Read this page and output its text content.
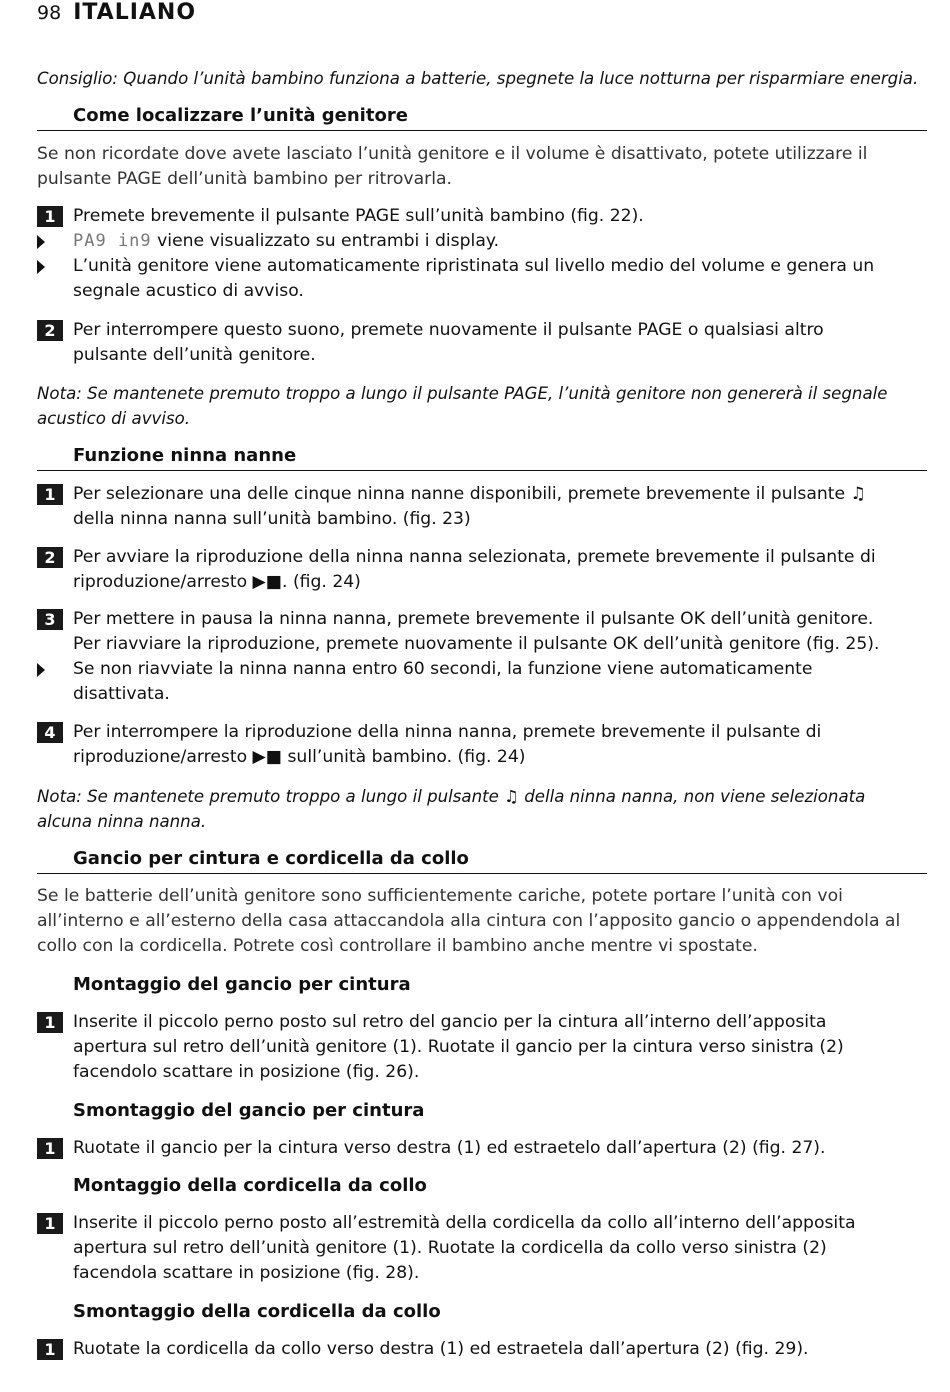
98 ITALIANO
Consiglio: Quando l’unità bambino funziona a batterie, spegnete la luce notturna per risparmiare energia.
Come localizzare l’unità genitore
Se non ricordate dove avete lasciato l’unità genitore e il volume è disattivato, potete utilizzare il
pulsante PAGE dell’unità bambino per ritrovarla.
1	Premete brevemente il pulsante PAGE sull’unità bambino (fig. 22).
PA9 in9 viene visualizzato su entrambi i display.
L’unità genitore viene automaticamente ripristinata sul livello medio del volume e genera un
segnale acustico di avviso.
2	Per interrompere questo suono, premete nuovamente il pulsante PAGE o qualsiasi altro
pulsante dell’unità genitore.
Nota: Se mantenete premuto troppo a lungo il pulsante PAGE, l’unità genitore non genererà il segnale
acustico di avviso.
Funzione ninna nanne
1	Per selezionare una delle cinque ninna nanne disponibili, premete brevemente il pulsante ♫
della ninna nanna sull’unità bambino. (fig. 23)
2	Per avviare la riproduzione della ninna nanna selezionata, premete brevemente il pulsante di
riproduzione/arresto ▶■. (fig. 24)
3	Per mettere in pausa la ninna nanna, premete brevemente il pulsante OK dell’unità genitore.
Per riavviare la riproduzione, premete nuovamente il pulsante OK dell’unità genitore (fig. 25).
Se non riavviate la ninna nanna entro 60 secondi, la funzione viene automaticamente
disattivata.
4	Per interrompere la riproduzione della ninna nanna, premete brevemente il pulsante di
riproduzione/arresto ▶■ sull’unità bambino. (fig. 24)
Nota: Se mantenete premuto troppo a lungo il pulsante ♫ della ninna nanna, non viene selezionata
alcuna ninna nanna.
Gancio per cintura e cordicella da collo
Se le batterie dell’unità genitore sono sufficientemente cariche, potete portare l’unità con voi
all’interno e all’esterno della casa attaccandola alla cintura con l’apposito gancio o appendendola al
collo con la cordicella. Potrete così controllare il bambino anche mentre vi spostate.
Montaggio del gancio per cintura
1	Inserite il piccolo perno posto sul retro del gancio per la cintura all’interno dell’apposita
apertura sul retro dell’unità genitore (1). Ruotate il gancio per la cintura verso sinistra (2)
facendolo scattare in posizione (fig. 26).
Smontaggio del gancio per cintura
1	Ruotate il gancio per la cintura verso destra (1) ed estraetelo dall’apertura (2) (fig. 27).
Montaggio della cordicella da collo
1	Inserite il piccolo perno posto all’estremità della cordicella da collo all’interno dell’apposita
apertura sul retro dell’unità genitore (1). Ruotate la cordicella da collo verso sinistra (2)
facendola scattare in posizione (fig. 28).
Smontaggio della cordicella da collo
1	Ruotate la cordicella da collo verso destra (1) ed estraetela dall’apertura (2) (fig. 29).
